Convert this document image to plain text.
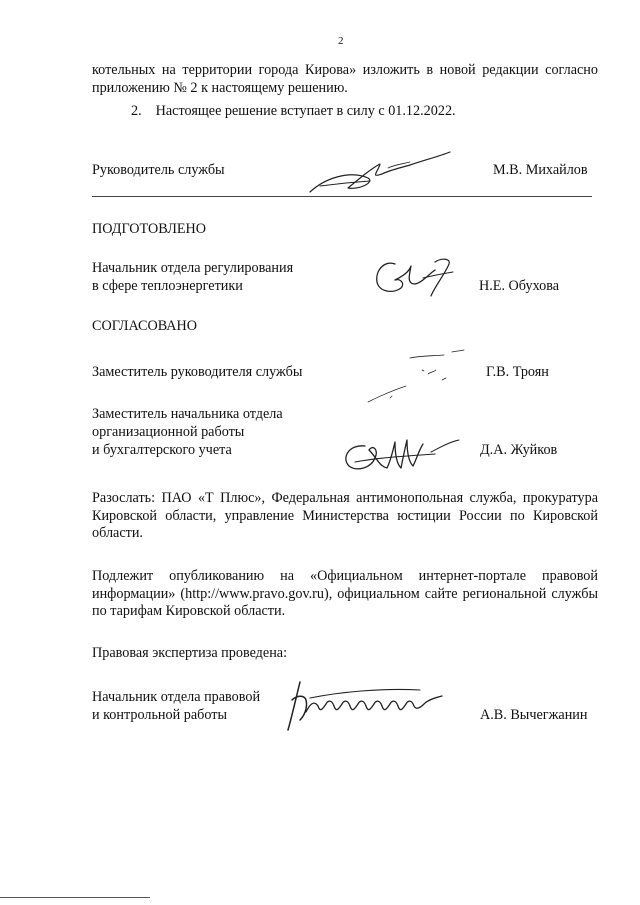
2
котельных на территории города Кирова» изложить в новой редакции согласно приложению № 2 к настоящему решению.
2. Настоящее решение вступает в силу с 01.12.2022.
Руководитель службы	М.В. Михайлов
ПОДГОТОВЛЕНО
Начальник отдела регулирования
в сфере теплоэнергетики	Н.Е. Обухова
СОГЛАСОВАНО
Заместитель руководителя службы	Г.В. Троян
Заместитель начальника отдела
организационной работы
и бухгалтерского учета	Д.А. Жуйков
Разослать: ПАО «Т Плюс», Федеральная антимонопольная служба, прокуратура Кировской области, управление Министерства юстиции России по Кировской области.
Подлежит опубликованию на «Официальном интернет-портале правовой информации» (http://www.pravo.gov.ru), официальном сайте региональной службы по тарифам Кировской области.
Правовая экспертиза проведена:
Начальник отдела правовой
и контрольной работы	А.В. Вычегжанин
